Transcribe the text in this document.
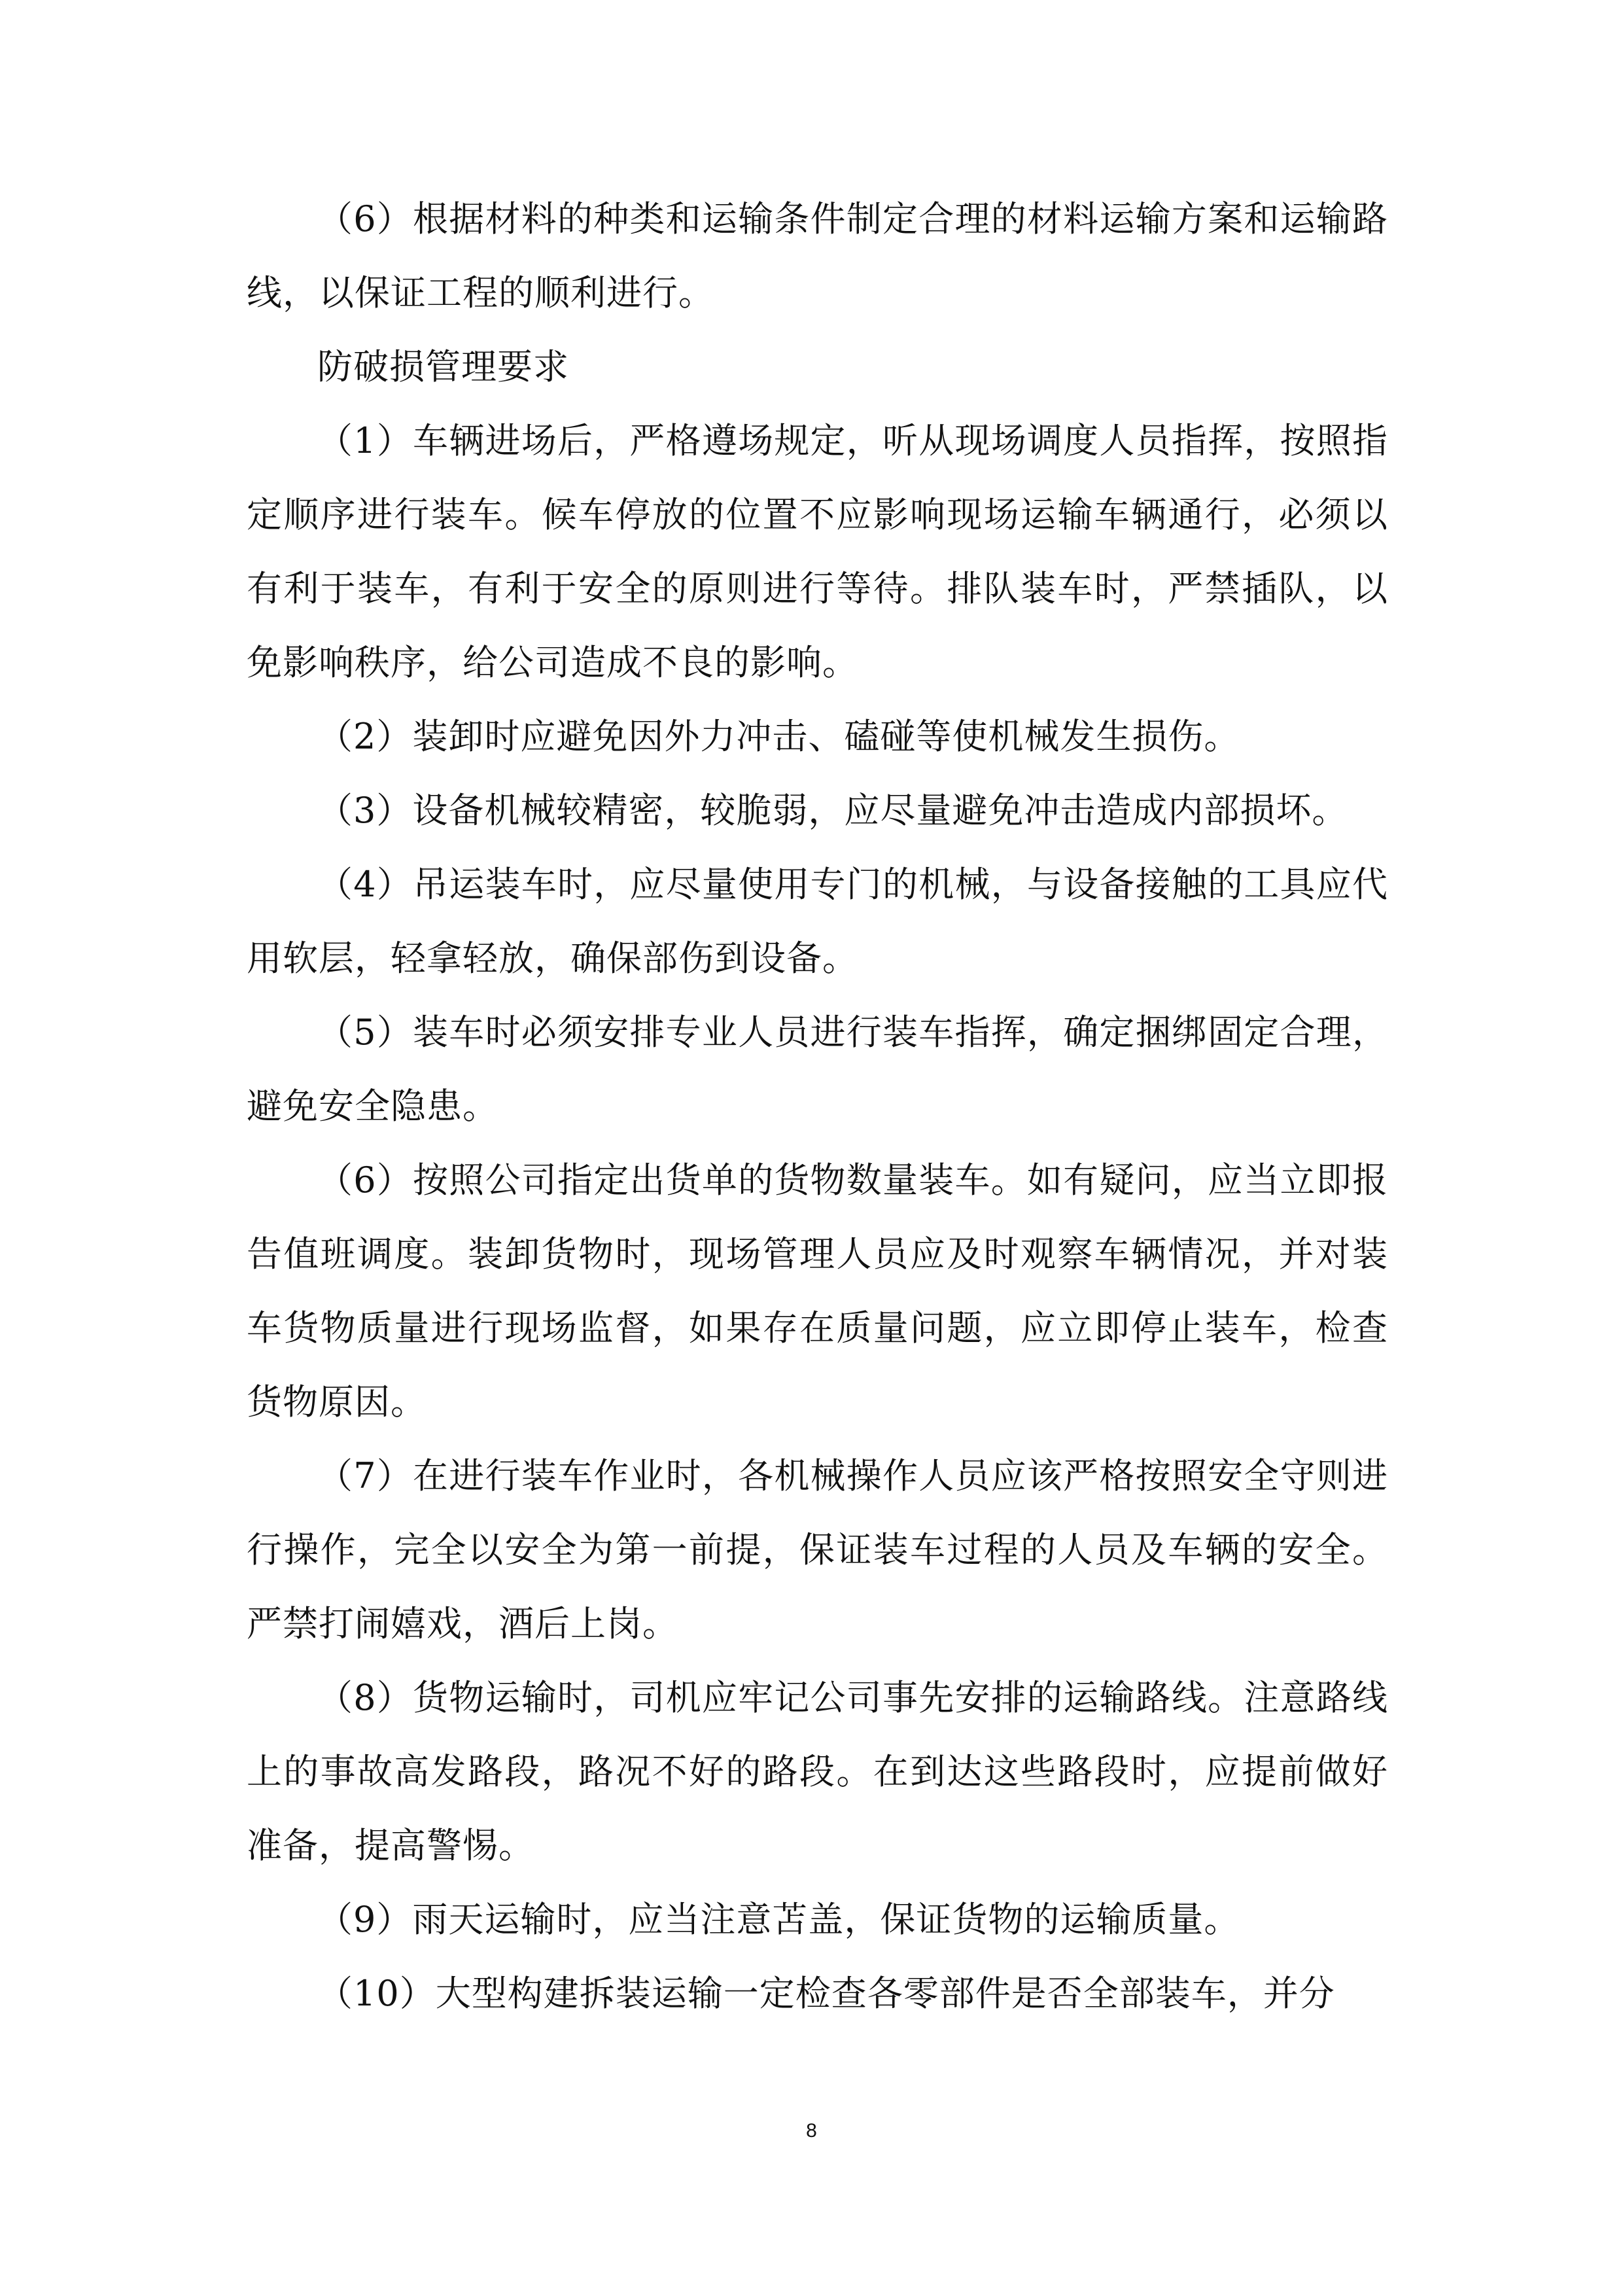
（6）根据材料的种类和运输条件制定合理的材料运输方案和运输路线，以保证工程的顺利进行。

防破损管理要求

（1）车辆进场后，严格遵场规定，听从现场调度人员指挥，按照指定顺序进行装车。候车停放的位置不应影响现场运输车辆通行，必须以有利于装车，有利于安全的原则进行等待。排队装车时，严禁插队，以免影响秩序，给公司造成不良的影响。

（2）装卸时应避免因外力冲击、磕碰等使机械发生损伤。

（3）设备机械较精密，较脆弱，应尽量避免冲击造成内部损坏。

（4）吊运装车时，应尽量使用专门的机械，与设备接触的工具应代用软层，轻拿轻放，确保部伤到设备。

（5）装车时必须安排专业人员进行装车指挥，确定捆绑固定合理，避免安全隐患。

（6）按照公司指定出货单的货物数量装车。如有疑问，应当立即报告值班调度。装卸货物时，现场管理人员应及时观察车辆情况，并对装车货物质量进行现场监督，如果存在质量问题，应立即停止装车，检查货物原因。

（7）在进行装车作业时，各机械操作人员应该严格按照安全守则进行操作，完全以安全为第一前提，保证装车过程的人员及车辆的安全。严禁打闹嬉戏，酒后上岗。

（8）货物运输时，司机应牢记公司事先安排的运输路线。注意路线上的事故高发路段，路况不好的路段。在到达这些路段时，应提前做好准备，提高警惕。

（9）雨天运输时，应当注意苫盖，保证货物的运输质量。

（10）大型构建拆装运输一定检查各零部件是否全部装车，并分

8
